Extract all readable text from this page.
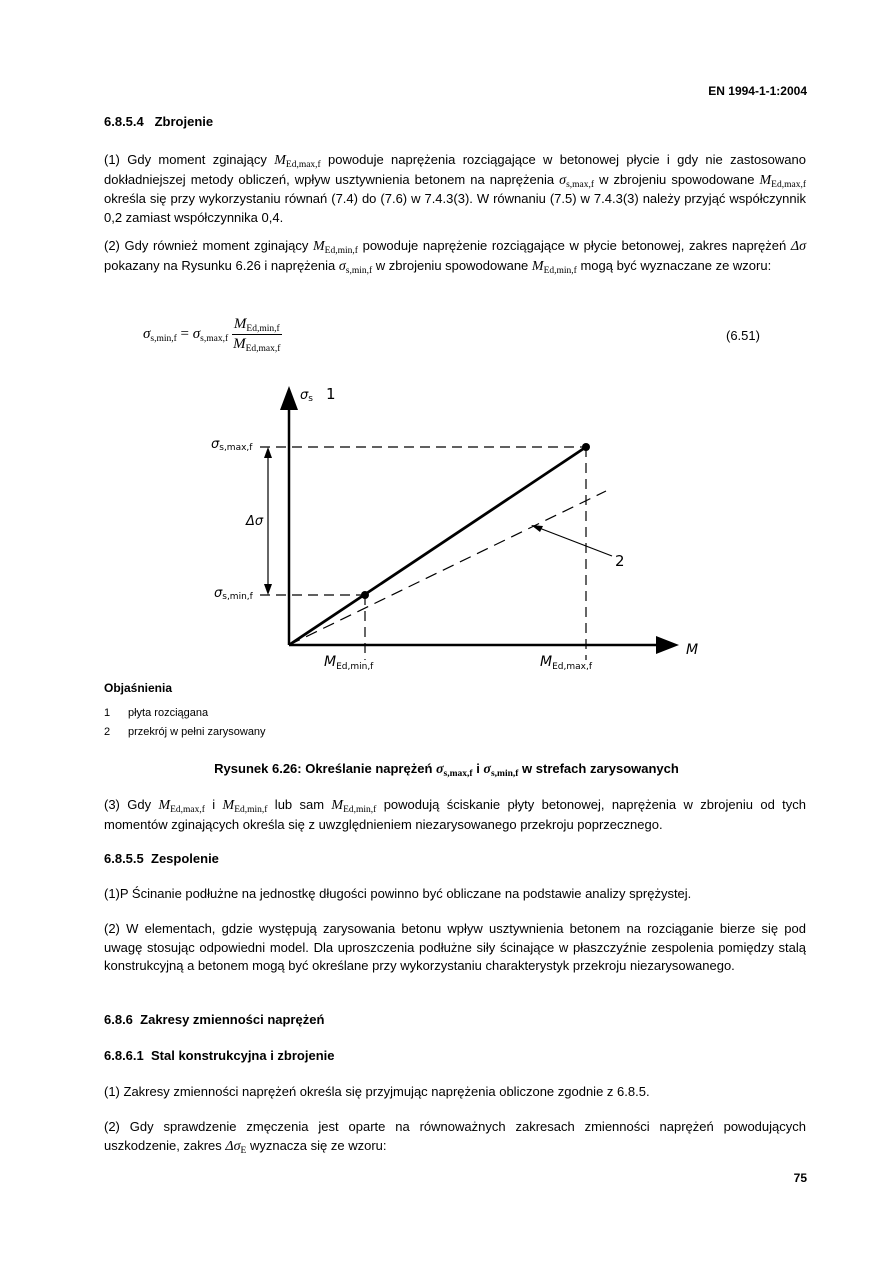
EN 1994-1-1:2004
6.8.5.4 Zbrojenie
(1) Gdy moment zginający $M_{Ed,max,f}$ powoduje naprężenia rozciągające w betonowej płycie i gdy nie zastosowano dokładniejszej metody obliczeń, wpływ usztywnienia betonem na naprężenia $\sigma_{s,max,f}$ w zbrojeniu spowodowane $M_{Ed,max,f}$ określa się przy wykorzystaniu równań (7.4) do (7.6) w 7.4.3(3). W równaniu (7.5) w 7.4.3(3) należy przyjąć współczynnik 0,2 zamiast współczynnika 0,4.
(2) Gdy również moment zginający $M_{Ed,min,f}$ powoduje naprężenie rozciągające w płycie betonowej, zakres naprężeń Δσ pokazany na Rysunku 6.26 i naprężenia $\sigma_{s,min,f}$ w zbrojeniu spowodowane $M_{Ed,min,f}$ mogą być wyznaczane ze wzoru:
$\sigma_{s,min,f} = \sigma_{s,max,f} \frac{M_{Ed,min,f}}{M_{Ed,max,f}}$	(6.51)
σs 1
2
M
σs,max,f
σs,min,f
Δσ
$M_{Ed,min,f}$	$M_{Ed,max,f}$
Objaśnienia
1 płyta rozciągana
2 przekrój w pełni zarysowany
Rysunek 6.26: Określanie naprężeń $\sigma_{s,max,f}$ i $\sigma_{s,min,f}$ w strefach zarysowanych
(3) Gdy $M_{Ed,max,f}$ i $M_{Ed,min,f}$ lub sam $M_{Ed,min,f}$ powodują ściskanie płyty betonowej, naprężenia w zbrojeniu od tych momentów zginających określa się z uwzględnieniem niezarysowanego przekroju poprzecznego.
6.8.5.5 Zespolenie
(1)P Ścinanie podłużne na jednostkę długości powinno być obliczane na podstawie analizy sprężystej.
(2) W elementach, gdzie występują zarysowania betonu wpływ usztywnienia betonem na rozciąganie bierze się pod uwagę stosując odpowiedni model. Dla uproszczenia podłużne siły ścinające w płaszczyźnie zespolenia pomiędzy stalą konstrukcyjną a betonem mogą być określane przy wykorzystaniu charakterystyk przekroju niezarysowanego.
6.8.6 Zakresy zmienności naprężeń
6.8.6.1 Stal konstrukcyjna i zbrojenie
(1) Zakresy zmienności naprężeń określa się przyjmując naprężenia obliczone zgodnie z 6.8.5.
(2) Gdy sprawdzenie zmęczenia jest oparte na równoważnych zakresach zmienności naprężeń powodujących uszkodzenie, zakres $\Delta\sigma_E$ wyznacza się ze wzoru:
75
